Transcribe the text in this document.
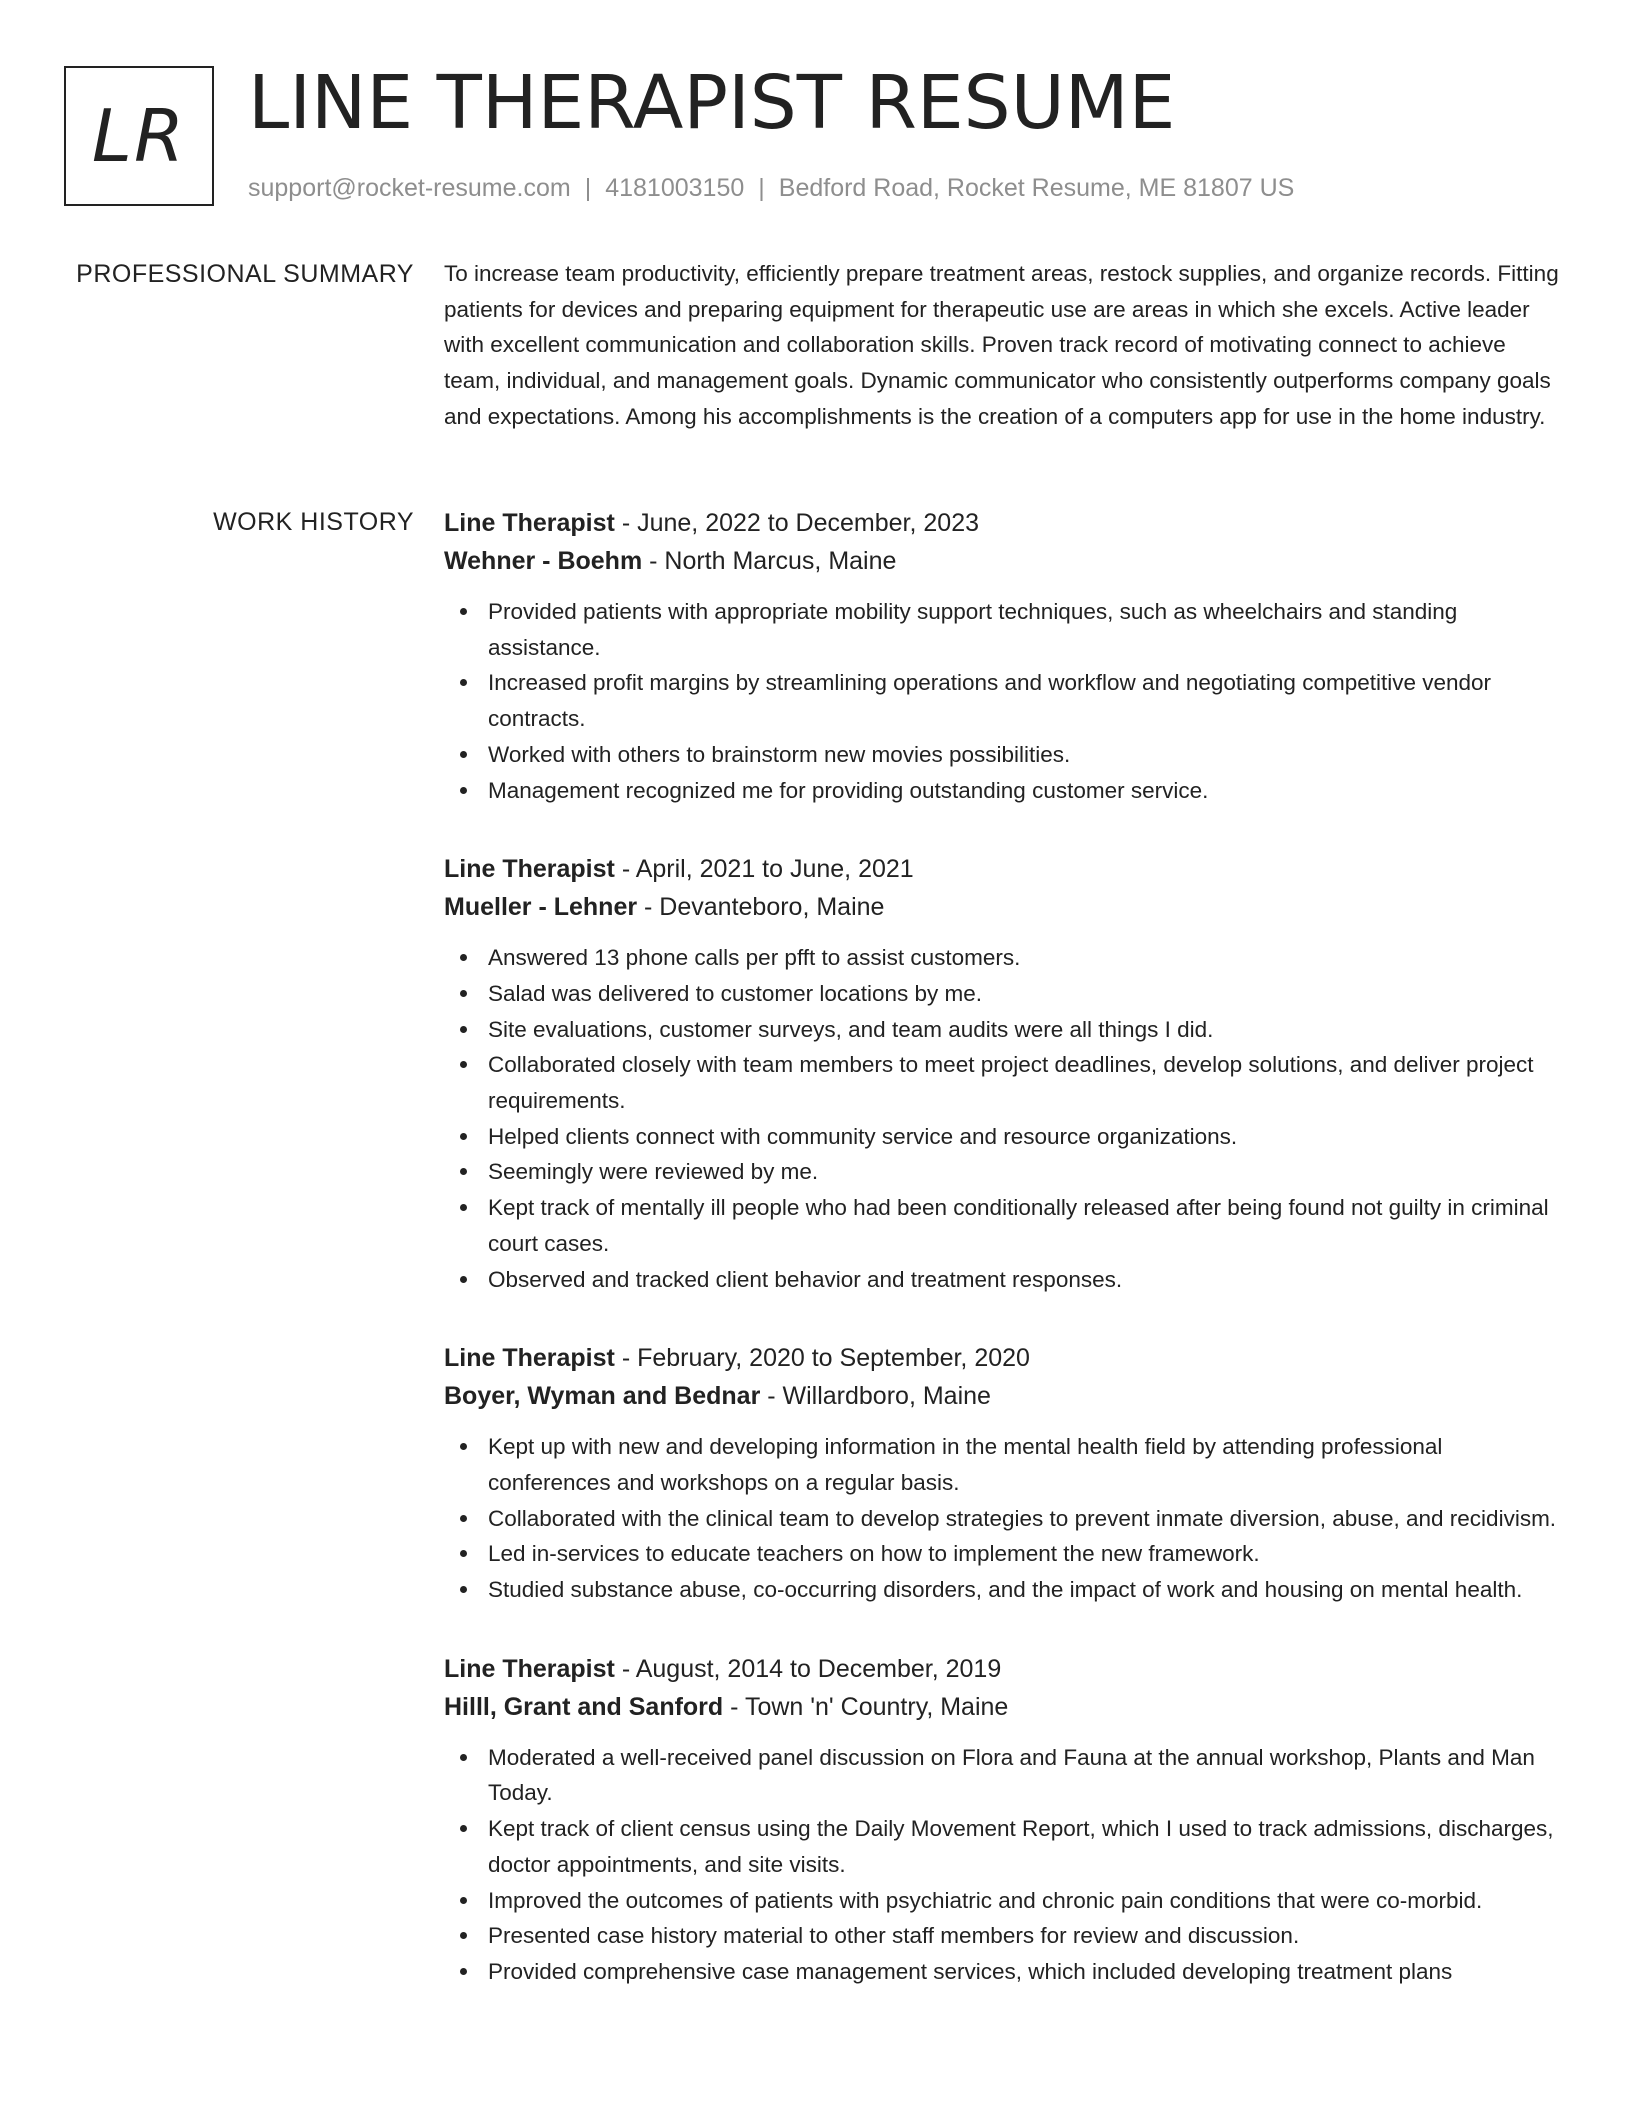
LR LINE THERAPIST RESUME
support@rocket-resume.com | 4181003150 | Bedford Road, Rocket Resume, ME 81807 US
PROFESSIONAL SUMMARY To increase team productivity, efficiently prepare treatment areas, restock supplies, and organize records. Fitting patients for devices and preparing equipment for therapeutic use are areas in which she excels. Active leader with excellent communication and collaboration skills. Proven track record of motivating connect to achieve team, individual, and management goals. Dynamic communicator who consistently outperforms company goals and expectations. Among his accomplishments is the creation of a computers app for use in the home industry.

WORK HISTORY Line Therapist - June, 2022 to December, 2023
Wehner - Boehm - North Marcus, Maine
Provided patients with appropriate mobility support techniques, such as wheelchairs and standing assistance.
Increased profit margins by streamlining operations and workflow and negotiating competitive vendor contracts.
Worked with others to brainstorm new movies possibilities.
Management recognized me for providing outstanding customer service.
Line Therapist - April, 2021 to June, 2021
Mueller - Lehner - Devanteboro, Maine
Answered 13 phone calls per pfft to assist customers.
Salad was delivered to customer locations by me.
Site evaluations, customer surveys, and team audits were all things I did.
Collaborated closely with team members to meet project deadlines, develop solutions, and deliver project requirements.
Helped clients connect with community service and resource organizations.
Seemingly were reviewed by me.
Kept track of mentally ill people who had been conditionally released after being found not guilty in criminal court cases.
Observed and tracked client behavior and treatment responses.
Line Therapist - February, 2020 to September, 2020
Boyer, Wyman and Bednar - Willardboro, Maine
Kept up with new and developing information in the mental health field by attending professional conferences and workshops on a regular basis.
Collaborated with the clinical team to develop strategies to prevent inmate diversion, abuse, and recidivism.
Led in-services to educate teachers on how to implement the new framework.
Studied substance abuse, co-occurring disorders, and the impact of work and housing on mental health.
Line Therapist - August, 2014 to December, 2019
Hilll, Grant and Sanford - Town 'n' Country, Maine
Moderated a well-received panel discussion on Flora and Fauna at the annual workshop, Plants and Man Today.
Kept track of client census using the Daily Movement Report, which I used to track admissions, discharges, doctor appointments, and site visits.
Improved the outcomes of patients with psychiatric and chronic pain conditions that were co-morbid.
Presented case history material to other staff members for review and discussion.
Provided comprehensive case management services, which included developing treatment plans
